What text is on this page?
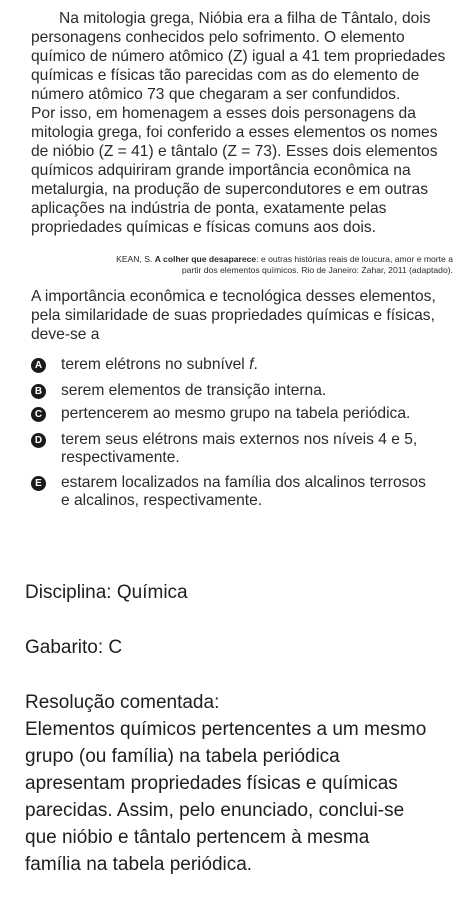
Na mitologia grega, Nióbia era a filha de Tântalo, dois
personagens conhecidos pelo sofrimento. O elemento
químico de número atômico (Z) igual a 41 tem propriedades
químicas e físicas tão parecidas com as do elemento de
número atômico 73 que chegaram a ser confundidos.
Por isso, em homenagem a esses dois personagens da
mitologia grega, foi conferido a esses elementos os nomes
de nióbio (Z = 41) e tântalo (Z = 73). Esses dois elementos
químicos adquiriram grande importância econômica na
metalurgia, na produção de supercondutores e em outras
aplicações na indústria de ponta, exatamente pelas
propriedades químicas e físicas comuns aos dois.
KEAN, S. A colher que desaparece: e outras histórias reais de loucura, amor e morte a
partir dos elementos químicos. Rio de Janeiro: Zahar, 2011 (adaptado).
A importância econômica e tecnológica desses elementos,
pela similaridade de suas propriedades químicas e físicas,
deve-se a
A terem elétrons no subnível f.
B serem elementos de transição interna.
C pertencerem ao mesmo grupo na tabela periódica.
D terem seus elétrons mais externos nos níveis 4 e 5,
respectivamente.
E estarem localizados na família dos alcalinos terrosos
e alcalinos, respectivamente.
Disciplina: Química
Gabarito: C
Resolução comentada:
Elementos químicos pertencentes a um mesmo
grupo (ou família) na tabela periódica
apresentam propriedades físicas e químicas
parecidas. Assim, pelo enunciado, conclui-se
que nióbio e tântalo pertencem à mesma
família na tabela periódica.
